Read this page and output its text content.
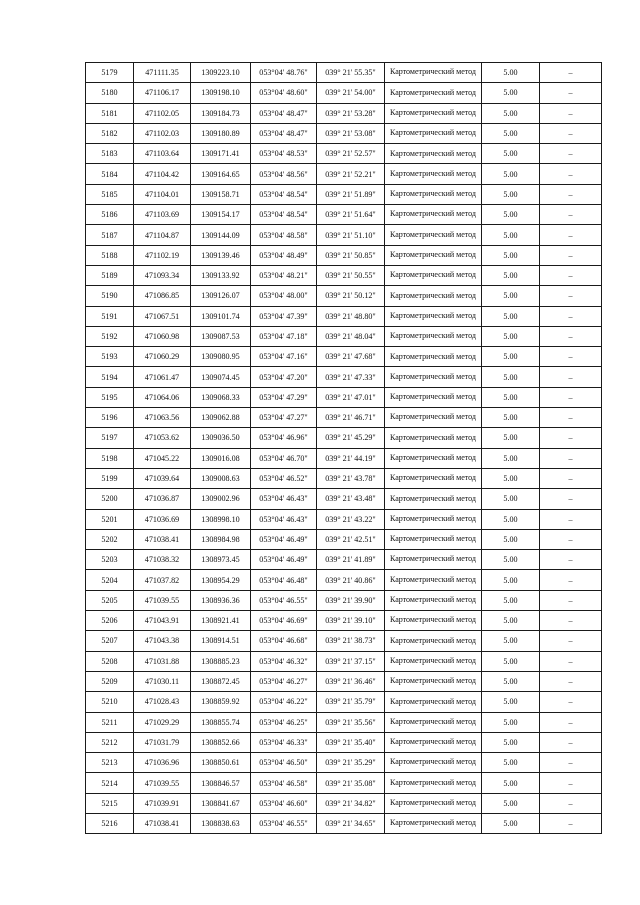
5179	471111.35	1309223.10	053°04' 48.76"	039° 21' 55.35"	Картометрический метод	5.00	–
5180	471106.17	1309198.10	053°04' 48.60"	039° 21' 54.00"	Картометрический метод	5.00	–
5181	471102.05	1309184.73	053°04' 48.47"	039° 21' 53.28"	Картометрический метод	5.00	–
5182	471102.03	1309180.89	053°04' 48.47"	039° 21' 53.08"	Картометрический метод	5.00	–
5183	471103.64	1309171.41	053°04' 48.53"	039° 21' 52.57"	Картометрический метод	5.00	–
5184	471104.42	1309164.65	053°04' 48.56"	039° 21' 52.21"	Картометрический метод	5.00	–
5185	471104.01	1309158.71	053°04' 48.54"	039° 21' 51.89"	Картометрический метод	5.00	–
5186	471103.69	1309154.17	053°04' 48.54"	039° 21' 51.64"	Картометрический метод	5.00	–
5187	471104.87	1309144.09	053°04' 48.58"	039° 21' 51.10"	Картометрический метод	5.00	–
5188	471102.19	1309139.46	053°04' 48.49"	039° 21' 50.85"	Картометрический метод	5.00	–
5189	471093.34	1309133.92	053°04' 48.21"	039° 21' 50.55"	Картометрический метод	5.00	–
5190	471086.85	1309126.07	053°04' 48.00"	039° 21' 50.12"	Картометрический метод	5.00	–
5191	471067.51	1309101.74	053°04' 47.39"	039° 21' 48.80"	Картометрический метод	5.00	–
5192	471060.98	1309087.53	053°04' 47.18"	039° 21' 48.04"	Картометрический метод	5.00	–
5193	471060.29	1309080.95	053°04' 47.16"	039° 21' 47.68"	Картометрический метод	5.00	–
5194	471061.47	1309074.45	053°04' 47.20"	039° 21' 47.33"	Картометрический метод	5.00	–
5195	471064.06	1309068.33	053°04' 47.29"	039° 21' 47.01"	Картометрический метод	5.00	–
5196	471063.56	1309062.88	053°04' 47.27"	039° 21' 46.71"	Картометрический метод	5.00	–
5197	471053.62	1309036.50	053°04' 46.96"	039° 21' 45.29"	Картометрический метод	5.00	–
5198	471045.22	1309016.08	053°04' 46.70"	039° 21' 44.19"	Картометрический метод	5.00	–
5199	471039.64	1309008.63	053°04' 46.52"	039° 21' 43.78"	Картометрический метод	5.00	–
5200	471036.87	1309002.96	053°04' 46.43"	039° 21' 43.48"	Картометрический метод	5.00	–
5201	471036.69	1308998.10	053°04' 46.43"	039° 21' 43.22"	Картометрический метод	5.00	–
5202	471038.41	1308984.98	053°04' 46.49"	039° 21' 42.51"	Картометрический метод	5.00	–
5203	471038.32	1308973.45	053°04' 46.49"	039° 21' 41.89"	Картометрический метод	5.00	–
5204	471037.82	1308954.29	053°04' 46.48"	039° 21' 40.86"	Картометрический метод	5.00	–
5205	471039.55	1308936.36	053°04' 46.55"	039° 21' 39.90"	Картометрический метод	5.00	–
5206	471043.91	1308921.41	053°04' 46.69"	039° 21' 39.10"	Картометрический метод	5.00	–
5207	471043.38	1308914.51	053°04' 46.68"	039° 21' 38.73"	Картометрический метод	5.00	–
5208	471031.88	1308885.23	053°04' 46.32"	039° 21' 37.15"	Картометрический метод	5.00	–
5209	471030.11	1308872.45	053°04' 46.27"	039° 21' 36.46"	Картометрический метод	5.00	–
5210	471028.43	1308859.92	053°04' 46.22"	039° 21' 35.79"	Картометрический метод	5.00	–
5211	471029.29	1308855.74	053°04' 46.25"	039° 21' 35.56"	Картометрический метод	5.00	–
5212	471031.79	1308852.66	053°04' 46.33"	039° 21' 35.40"	Картометрический метод	5.00	–
5213	471036.96	1308850.61	053°04' 46.50"	039° 21' 35.29"	Картометрический метод	5.00	–
5214	471039.55	1308846.57	053°04' 46.58"	039° 21' 35.08"	Картометрический метод	5.00	–
5215	471039.91	1308841.67	053°04' 46.60"	039° 21' 34.82"	Картометрический метод	5.00	–
5216	471038.41	1308838.63	053°04' 46.55"	039° 21' 34.65"	Картометрический метод	5.00	–
